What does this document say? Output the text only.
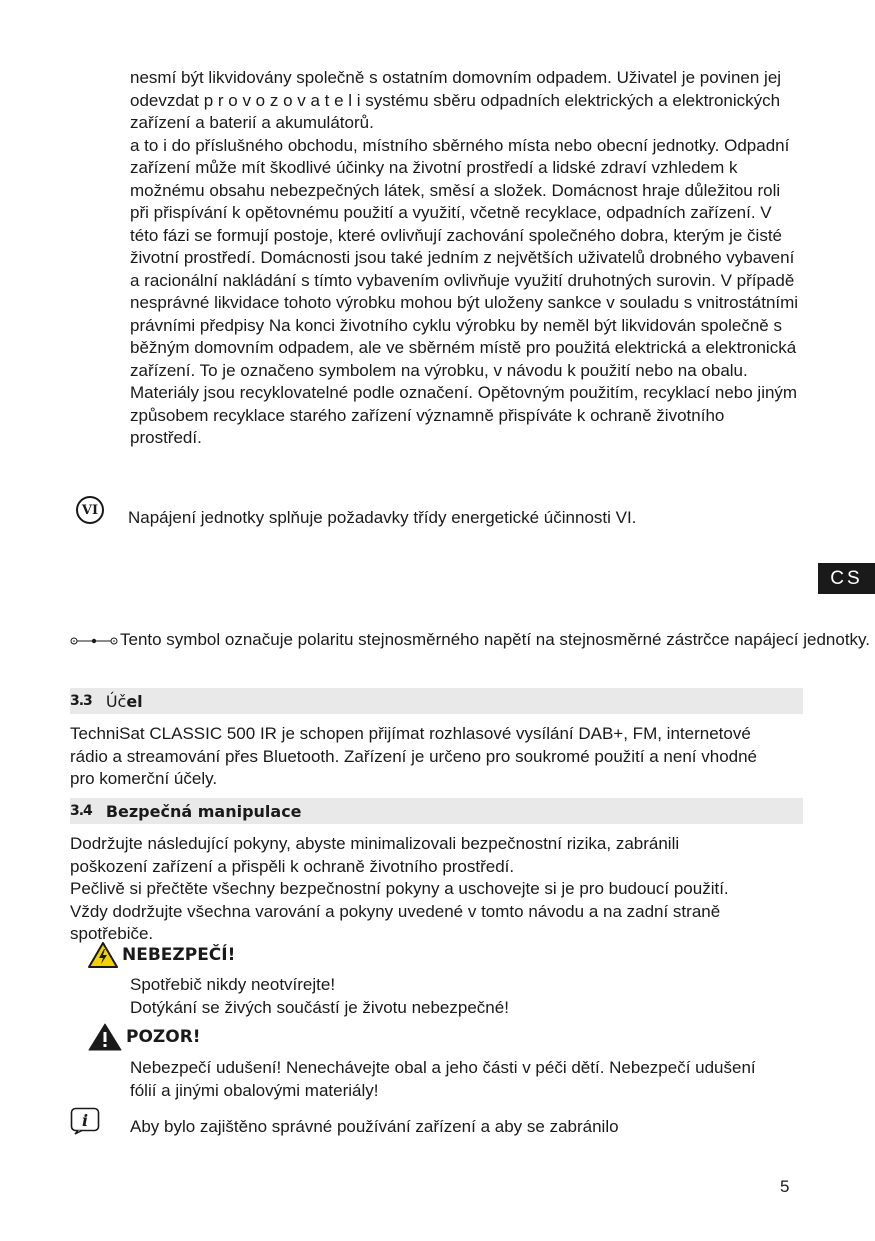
nesmí být likvidovány společně s ostatním domovním odpadem. Uživatel je povinen jej odevzdat p r o v o z o v a t e l i systému sběru odpadních elektrických a elektronických zařízení a baterií a akumulátorů.
a to i do příslušného obchodu, místního sběrného místa nebo obecní jednotky. Odpadní zařízení může mít škodlivé účinky na životní prostředí a lidské zdraví vzhledem k možnému obsahu nebezpečných látek, směsí a složek. Domácnost hraje důležitou roli při přispívání k opětovnému použití a využití, včetně recyklace, odpadních zařízení. V této fázi se formují postoje, které ovlivňují zachování společného dobra, kterým je čisté životní prostředí. Domácnosti jsou také jedním z největších uživatelů drobného vybavení a racionální nakládání s tímto vybavením ovlivňuje využití druhotných surovin. V případě nesprávné likvidace tohoto výrobku mohou být uloženy sankce v souladu s vnitrostátními právními předpisy Na konci životního cyklu výrobku by neměl být likvidován společně s běžným domovním odpadem, ale ve sběrném místě pro použitá elektrická a elektronická zařízení. To je označeno symbolem na výrobku, v návodu k použití nebo na obalu. Materiály jsou recyklovatelné podle označení. Opětovným použitím, recyklací nebo jiným způsobem recyklace starého zařízení významně přispíváte k ochraně životního prostředí.
VI Napájení jednotky splňuje požadavky třídy energetické účinnosti VI.
CS
Tento symbol označuje polaritu stejnosměrného napětí na stejnosměrné zástrčce napájecí jednotky.
3.3 Úč el
TechniSat CLASSIC 500 IR je schopen přijímat rozhlasové vysílání DAB+, FM, internetové rádio a streamování přes Bluetooth. Zařízení je určeno pro soukromé použití a není vhodné pro komerční účely.
3.4 Bezpečná manipulace
Dodržujte následující pokyny, abyste minimalizovali bezpečnostní rizika, zabránili poškození zařízení a přispěli k ochraně životního prostředí.
Pečlivě si přečtěte všechny bezpečnostní pokyny a uschovejte si je pro budoucí použití. Vždy dodržujte všechna varování a pokyny uvedené v tomto návodu a na zadní straně spotřebiče.
NEBEZPEČÍ!
Spotřebič nikdy neotvírejte!
Dotýkání se živých součástí je životu nebezpečné!
POZOR!
Nebezpečí udušení! Nenechávejte obal a jeho části v péči dětí. Nebezpečí udušení fólií a jinými obalovými materiály!
i Aby bylo zajištěno správné používání zařízení a aby se zabránilo
5
